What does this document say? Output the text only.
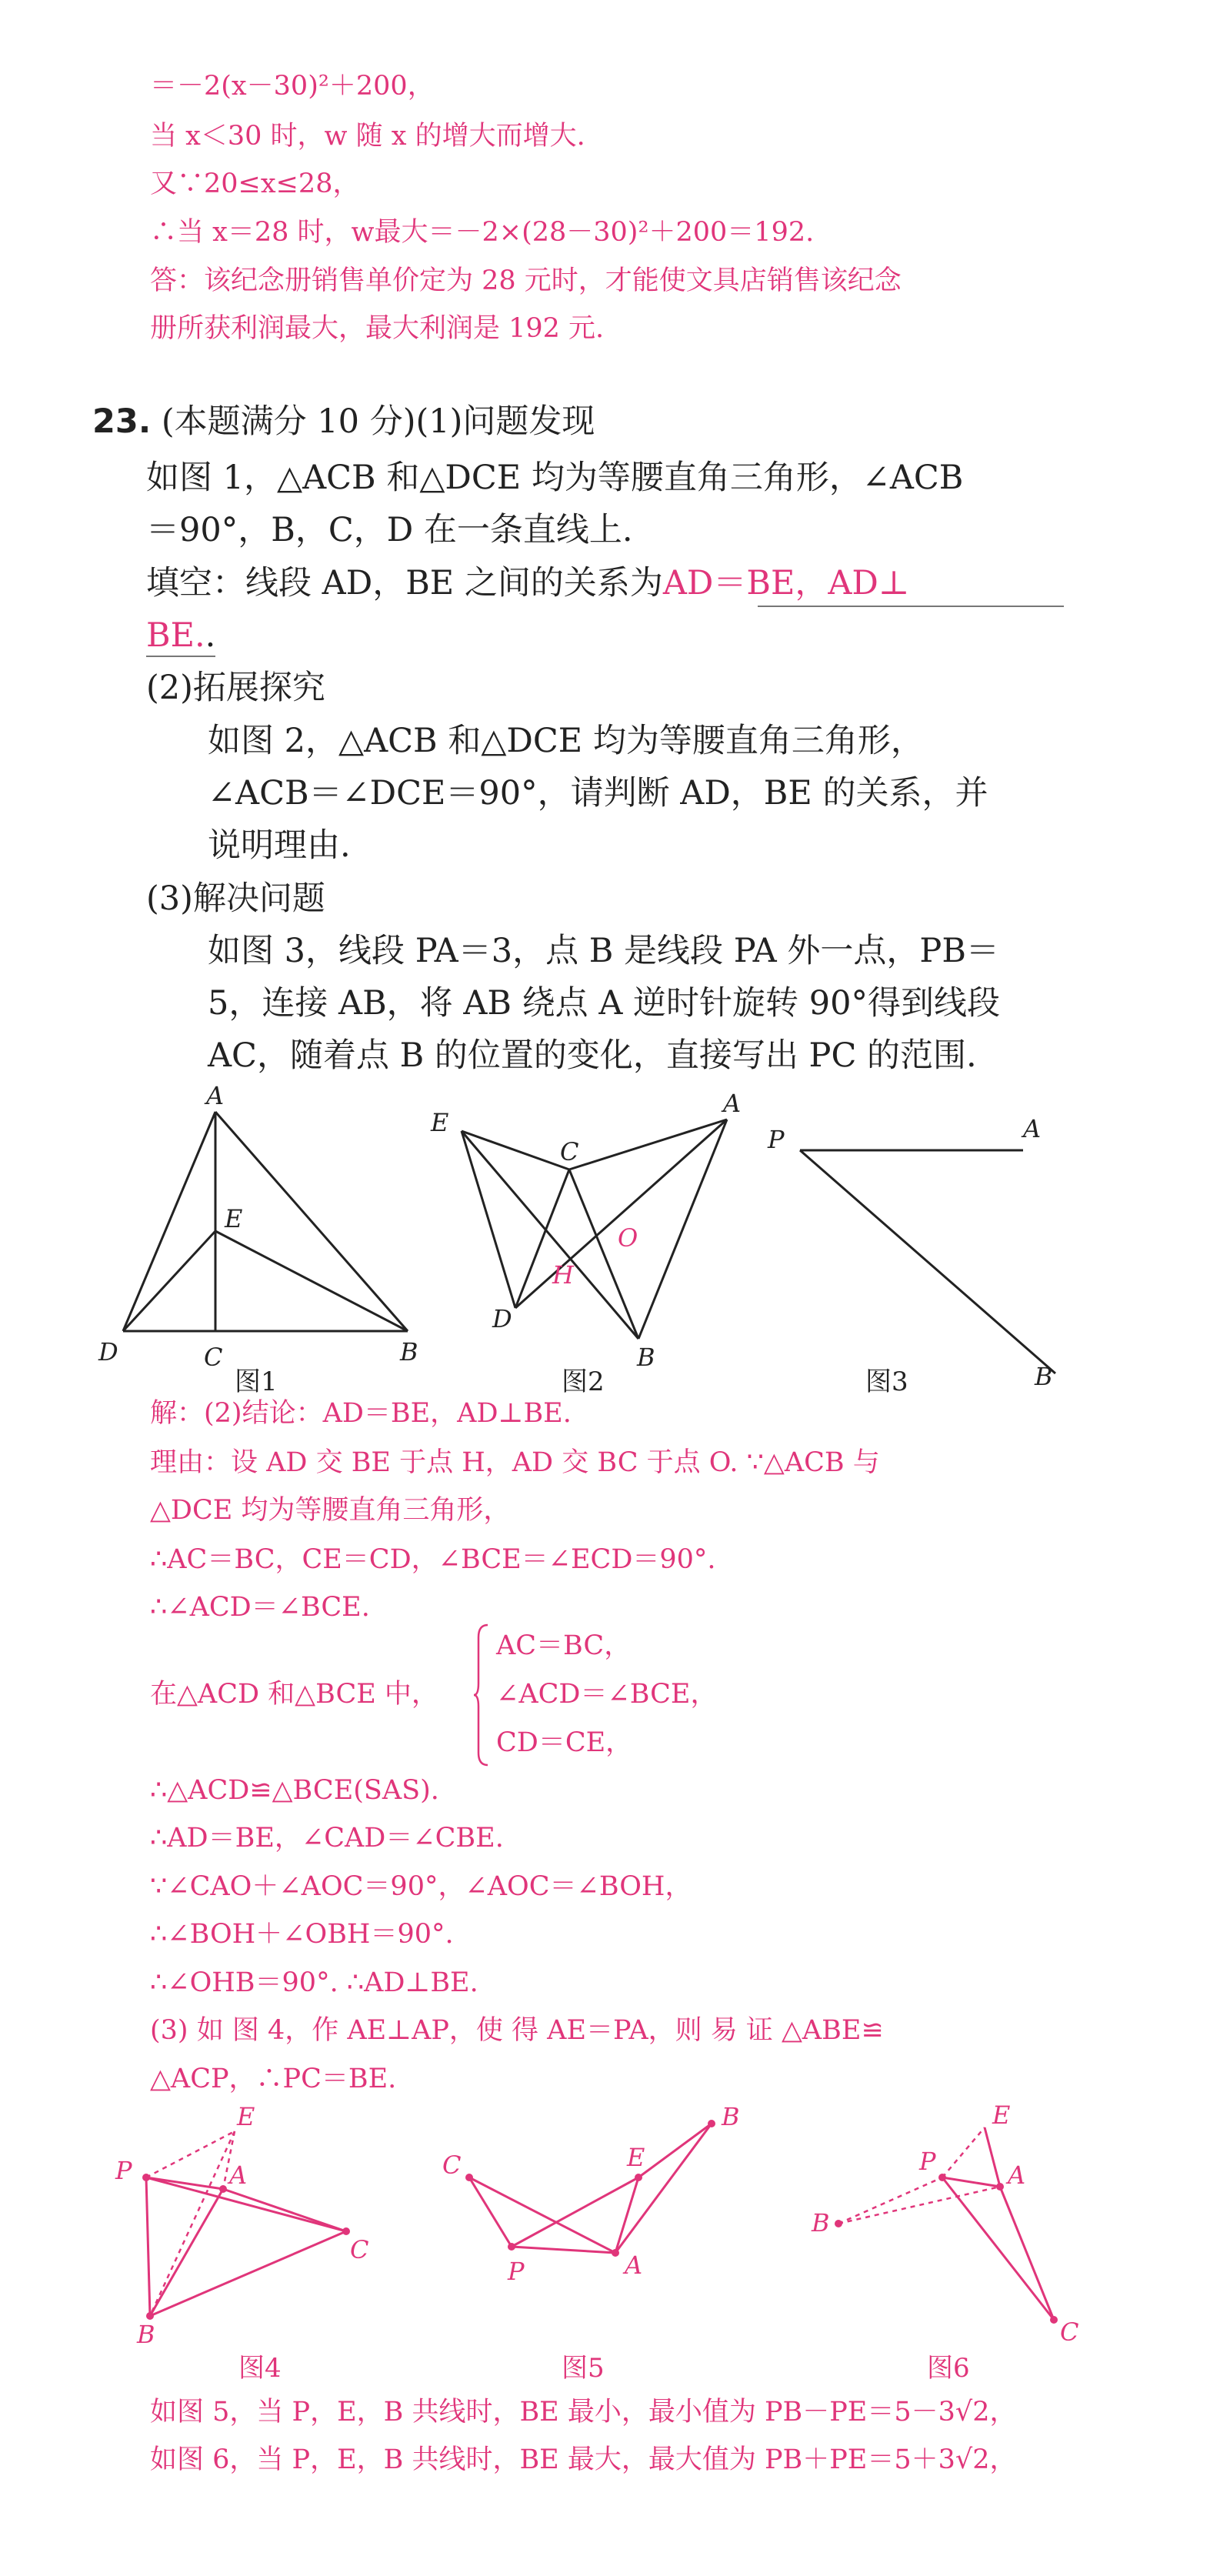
＝－2(x－30)²＋200，
当 x＜30 时，w 随 x 的增大而增大.
又∵20≤x≤28，
∴当 x＝28 时，w最大＝－2×(28－30)²＋200＝192.
答：该纪念册销售单价定为 28 元时，才能使文具店销售该纪念
册所获利润最大，最大利润是 192 元.
23. (本题满分 10 分)(1)问题发现
如图 1，△ACB 和△DCE 均为等腰直角三角形，∠ACB
＝90°，B，C，D 在一条直线上.
填空：线段 AD，BE 之间的关系为AD＝BE，AD⊥
BE..
(2)拓展探究
如图 2，△ACB 和△DCE 均为等腰直角三角形，
∠ACB＝∠DCE＝90°，请判断 AD，BE 的关系，并
说明理由.
(3)解决问题
如图 3，线段 PA＝3，点 B 是线段 PA 外一点，PB＝
5，连接 AB，将 AB 绕点 A 逆时针旋转 90°得到线段
AC，随着点 B 的位置的变化，直接写出 PC 的范围.
A
E
D	C	B
E
A
C
O
H
D
B
P	A
B
图1	图2	图3
解：(2)结论：AD＝BE，AD⊥BE.
理由：设 AD 交 BE 于点 H，AD 交 BC 于点 O. ∵△ACB 与
△DCE 均为等腰直角三角形，
∴AC＝BC，CE＝CD，∠BCE＝∠ECD＝90°.
∴∠ACD＝∠BCE.
在△ACD 和△BCE 中，
AC＝BC，
∠ACD＝∠BCE，
CD＝CE，
∴△ACD≌△BCE(SAS).
∴AD＝BE，∠CAD＝∠CBE.
∵∠CAO＋∠AOC＝90°，∠AOC＝∠BOH，
∴∠BOH＋∠OBH＝90°.
∴∠OHB＝90°. ∴AD⊥BE.
(3) 如 图 4，作 AE⊥AP，使 得 AE＝PA，则 易 证 △ABE≌
△ACP，∴PC＝BE.
E
P	A
C
B
B
C	E
P	A
E
P	A
B
C
图4	图5	图6
如图 5，当 P，E，B 共线时，BE 最小，最小值为 PB－PE＝5－3√2，
如图 6，当 P，E，B 共线时，BE 最大，最大值为 PB＋PE＝5＋3√2，
